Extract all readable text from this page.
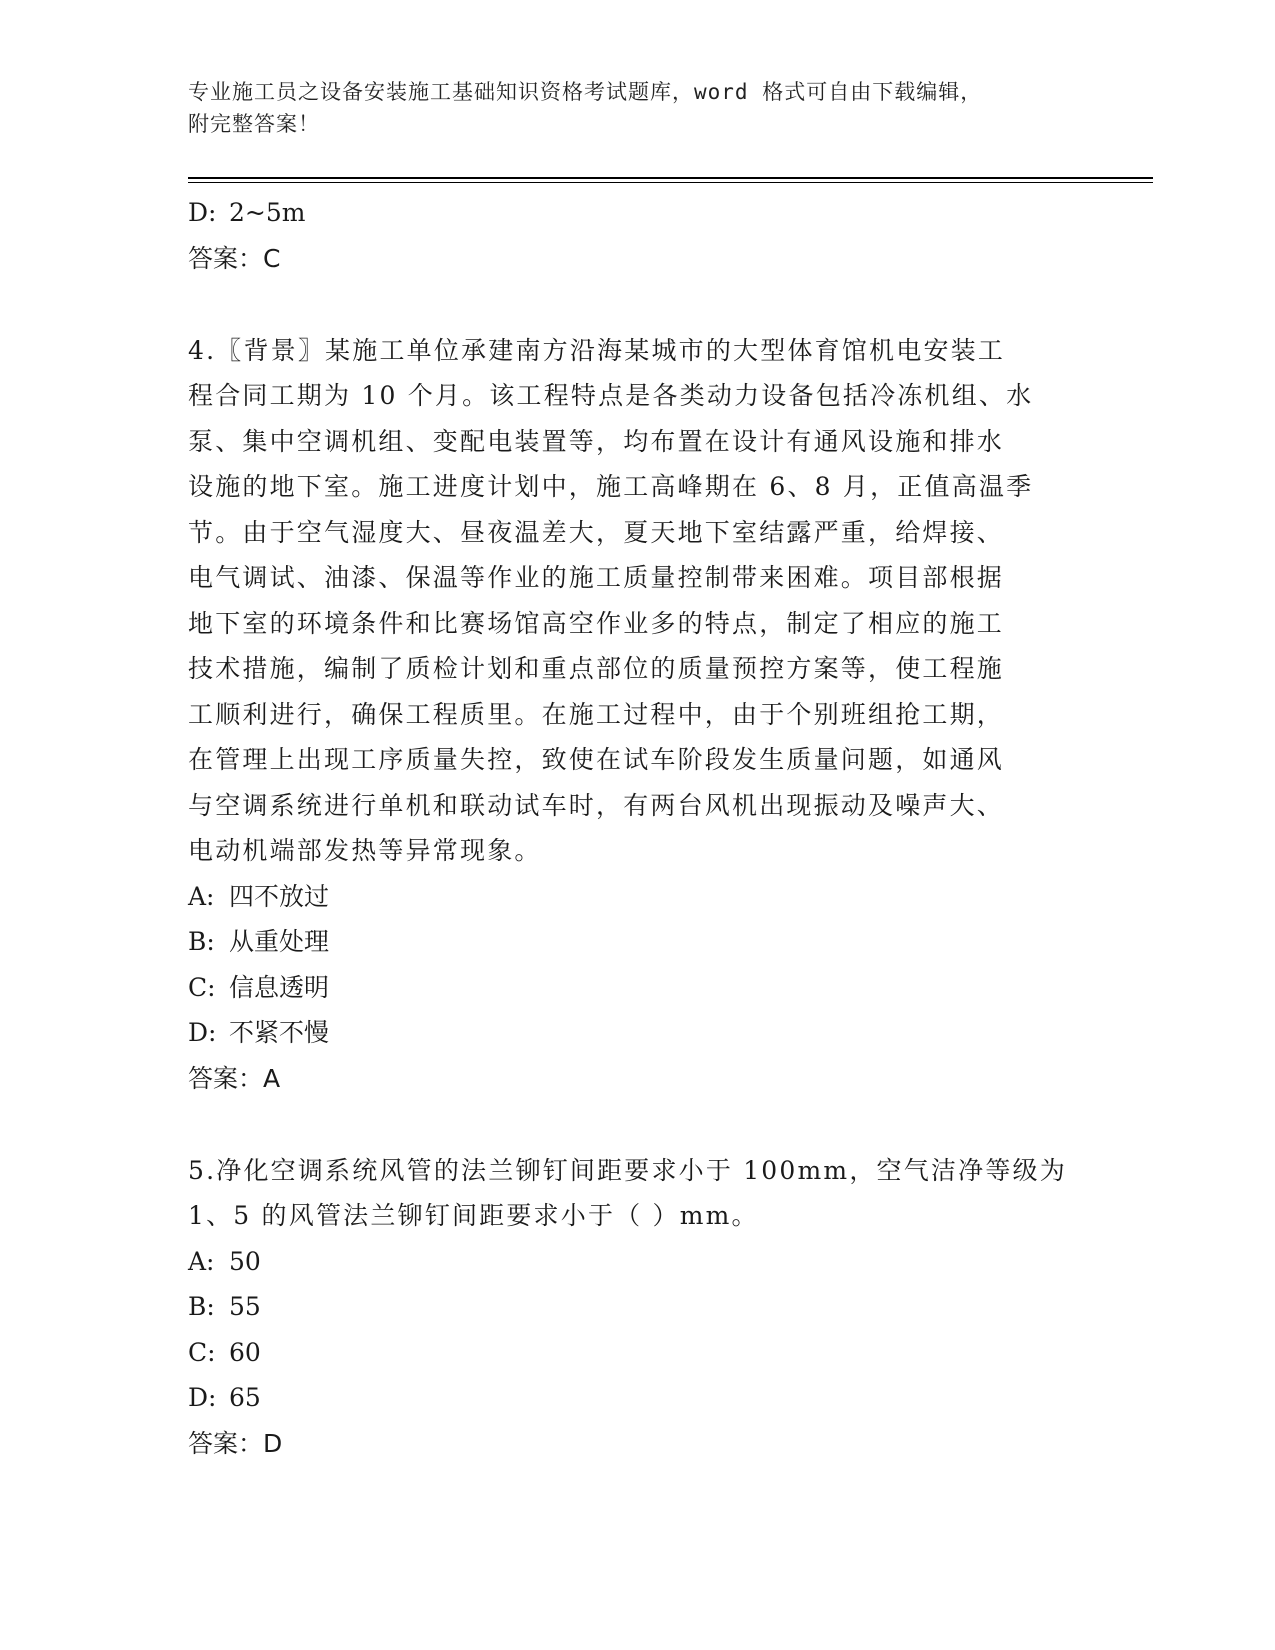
专业施工员之设备安装施工基础知识资格考试题库，word 格式可自由下载编辑，
附完整答案！
D: 2~5m
答案：C

4.〖背景〗某施工单位承建南方沿海某城市的大型体育馆机电安装工

程合同工期为 10 个月。该工程特点是各类动力设备包括冷冻机组、水

泵、集中空调机组、变配电装置等，均布置在设计有通风设施和排水

设施的地下室。施工进度计划中，施工高峰期在 6、8 月，正值高温季

节。由于空气湿度大、昼夜温差大，夏天地下室结露严重，给焊接、

电气调试、油漆、保温等作业的施工质量控制带来困难。项目部根据

地下室的环境条件和比赛场馆高空作业多的特点，制定了相应的施工

技术措施，编制了质检计划和重点部位的质量预控方案等，使工程施

工顺利进行，确保工程质里。在施工过程中，由于个别班组抢工期，

在管理上出现工序质量失控，致使在试车阶段发生质量问题，如通风

与空调系统进行单机和联动试车时，有两台风机出现振动及噪声大、

电动机端部发热等异常现象。

A: 四不放过
B: 从重处理
C: 信息透明
D: 不紧不慢
答案：A

5.净化空调系统风管的法兰铆钉间距要求小于 100mm，空气洁净等级为

1、5 的风管法兰铆钉间距要求小于（ ）mm。

A: 50
B: 55
C: 60
D: 65
答案：D
